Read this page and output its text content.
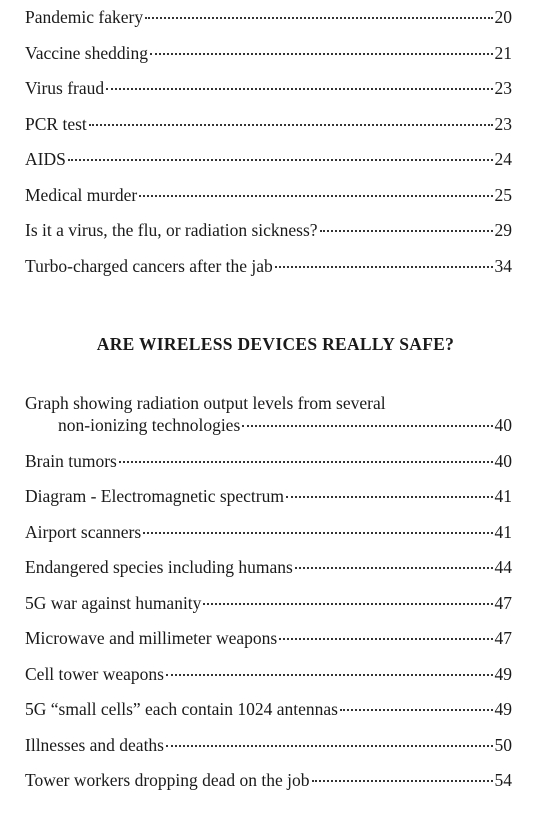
Pandemic fakery	20
Vaccine shedding	21
Virus fraud	23
PCR test	23
AIDS	24
Medical murder	25
Is it a virus, the flu, or radiation sickness?	29
Turbo-charged cancers after the jab	34
ARE WIRELESS DEVICES REALLY SAFE?
Graph showing radiation output levels from several
non-ionizing technologies	40
Brain tumors	40
Diagram - Electromagnetic spectrum	41
Airport scanners	41
Endangered species including humans	44
5G war against humanity	47
Microwave and millimeter weapons	47
Cell tower weapons	49
5G “small cells” each contain 1024 antennas	49
Illnesses and deaths	50
Tower workers dropping dead on the job	54
